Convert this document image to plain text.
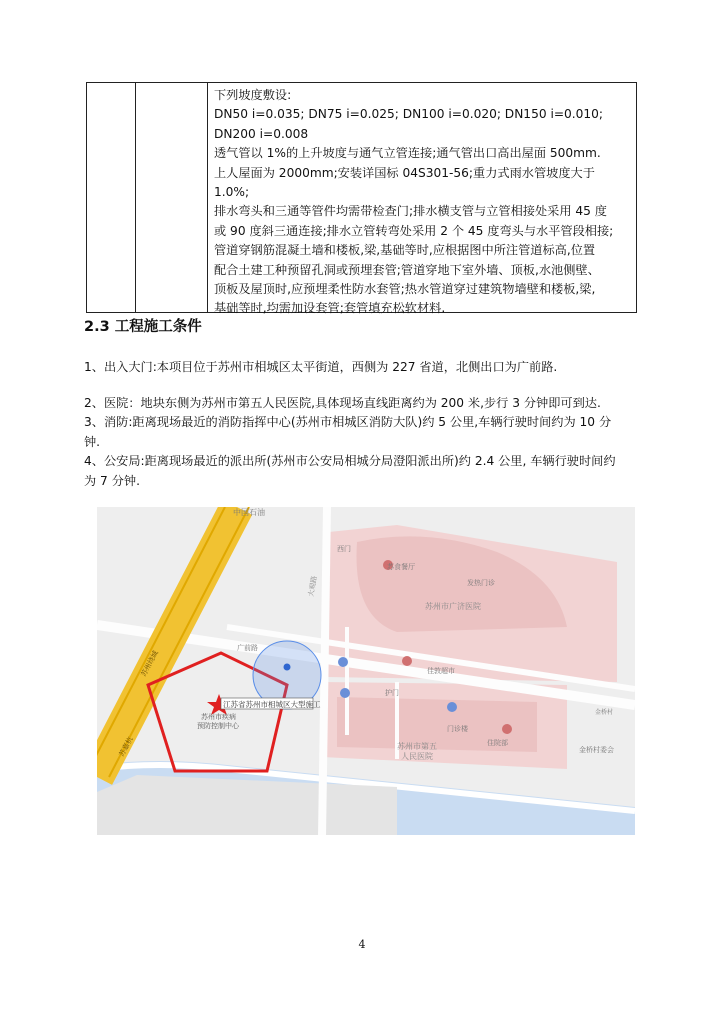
下列坡度敷设:
DN50 i=0.035; DN75 i=0.025; DN100 i=0.020; DN150 i=0.010;
DN200 i=0.008
透气管以 1%的上升坡度与通气立管连接;通气管出口高出屋面 500mm.
上人屋面为 2000mm;安装详国标 04S301-56;重力式雨水管坡度大于
1.0%;
排水弯头和三通等管件均需带检查门;排水横支管与立管相接处采用 45 度
或 90 度斜三通连接;排水立管转弯处采用 2 个 45 度弯头与水平管段相接;
管道穿钢筋混凝土墙和楼板,梁,基础等时,应根据图中所注管道标高,位置
配合土建工种预留孔洞或预埋套管;管道穿地下室外墙、顶板,水池侧壁、
顶板及屋顶时,应预埋柔性防水套管;热水管道穿过建筑物墙壁和楼板,梁,
基础等时,均需加设套管;套管填充松软材料.
2.3 工程施工条件
1、出入大门:本项目位于苏州市相城区太平街道，西侧为 227 省道，北侧出口为广前路.
2、医院：地块东侧为苏州市第五人民医院,具体现场直线距离约为 200 米,步行 3 分钟即可到达.
3、消防:距离现场最近的消防指挥中心(苏州市相城区消防大队)约 5 公里,车辆行驶时间约为 10 分
钟.
4、公安局:距离现场最近的派出所(苏州市公安局相城分局澄阳派出所)约 2.4 公里, 车辆行驶时间约
为 7 分钟.
江苏省苏州市相城区大型施工
中国石油
西门
苏食餐厅
发热门诊
苏州市广济医院
大观路
广前路
佳敦超市
护门
苏州市疾病
预防控制中心	门诊楼
苏州市第五
人民医院
住院部
苏州绕城
苏嘉杭	金桥村委会
金桥村
4
